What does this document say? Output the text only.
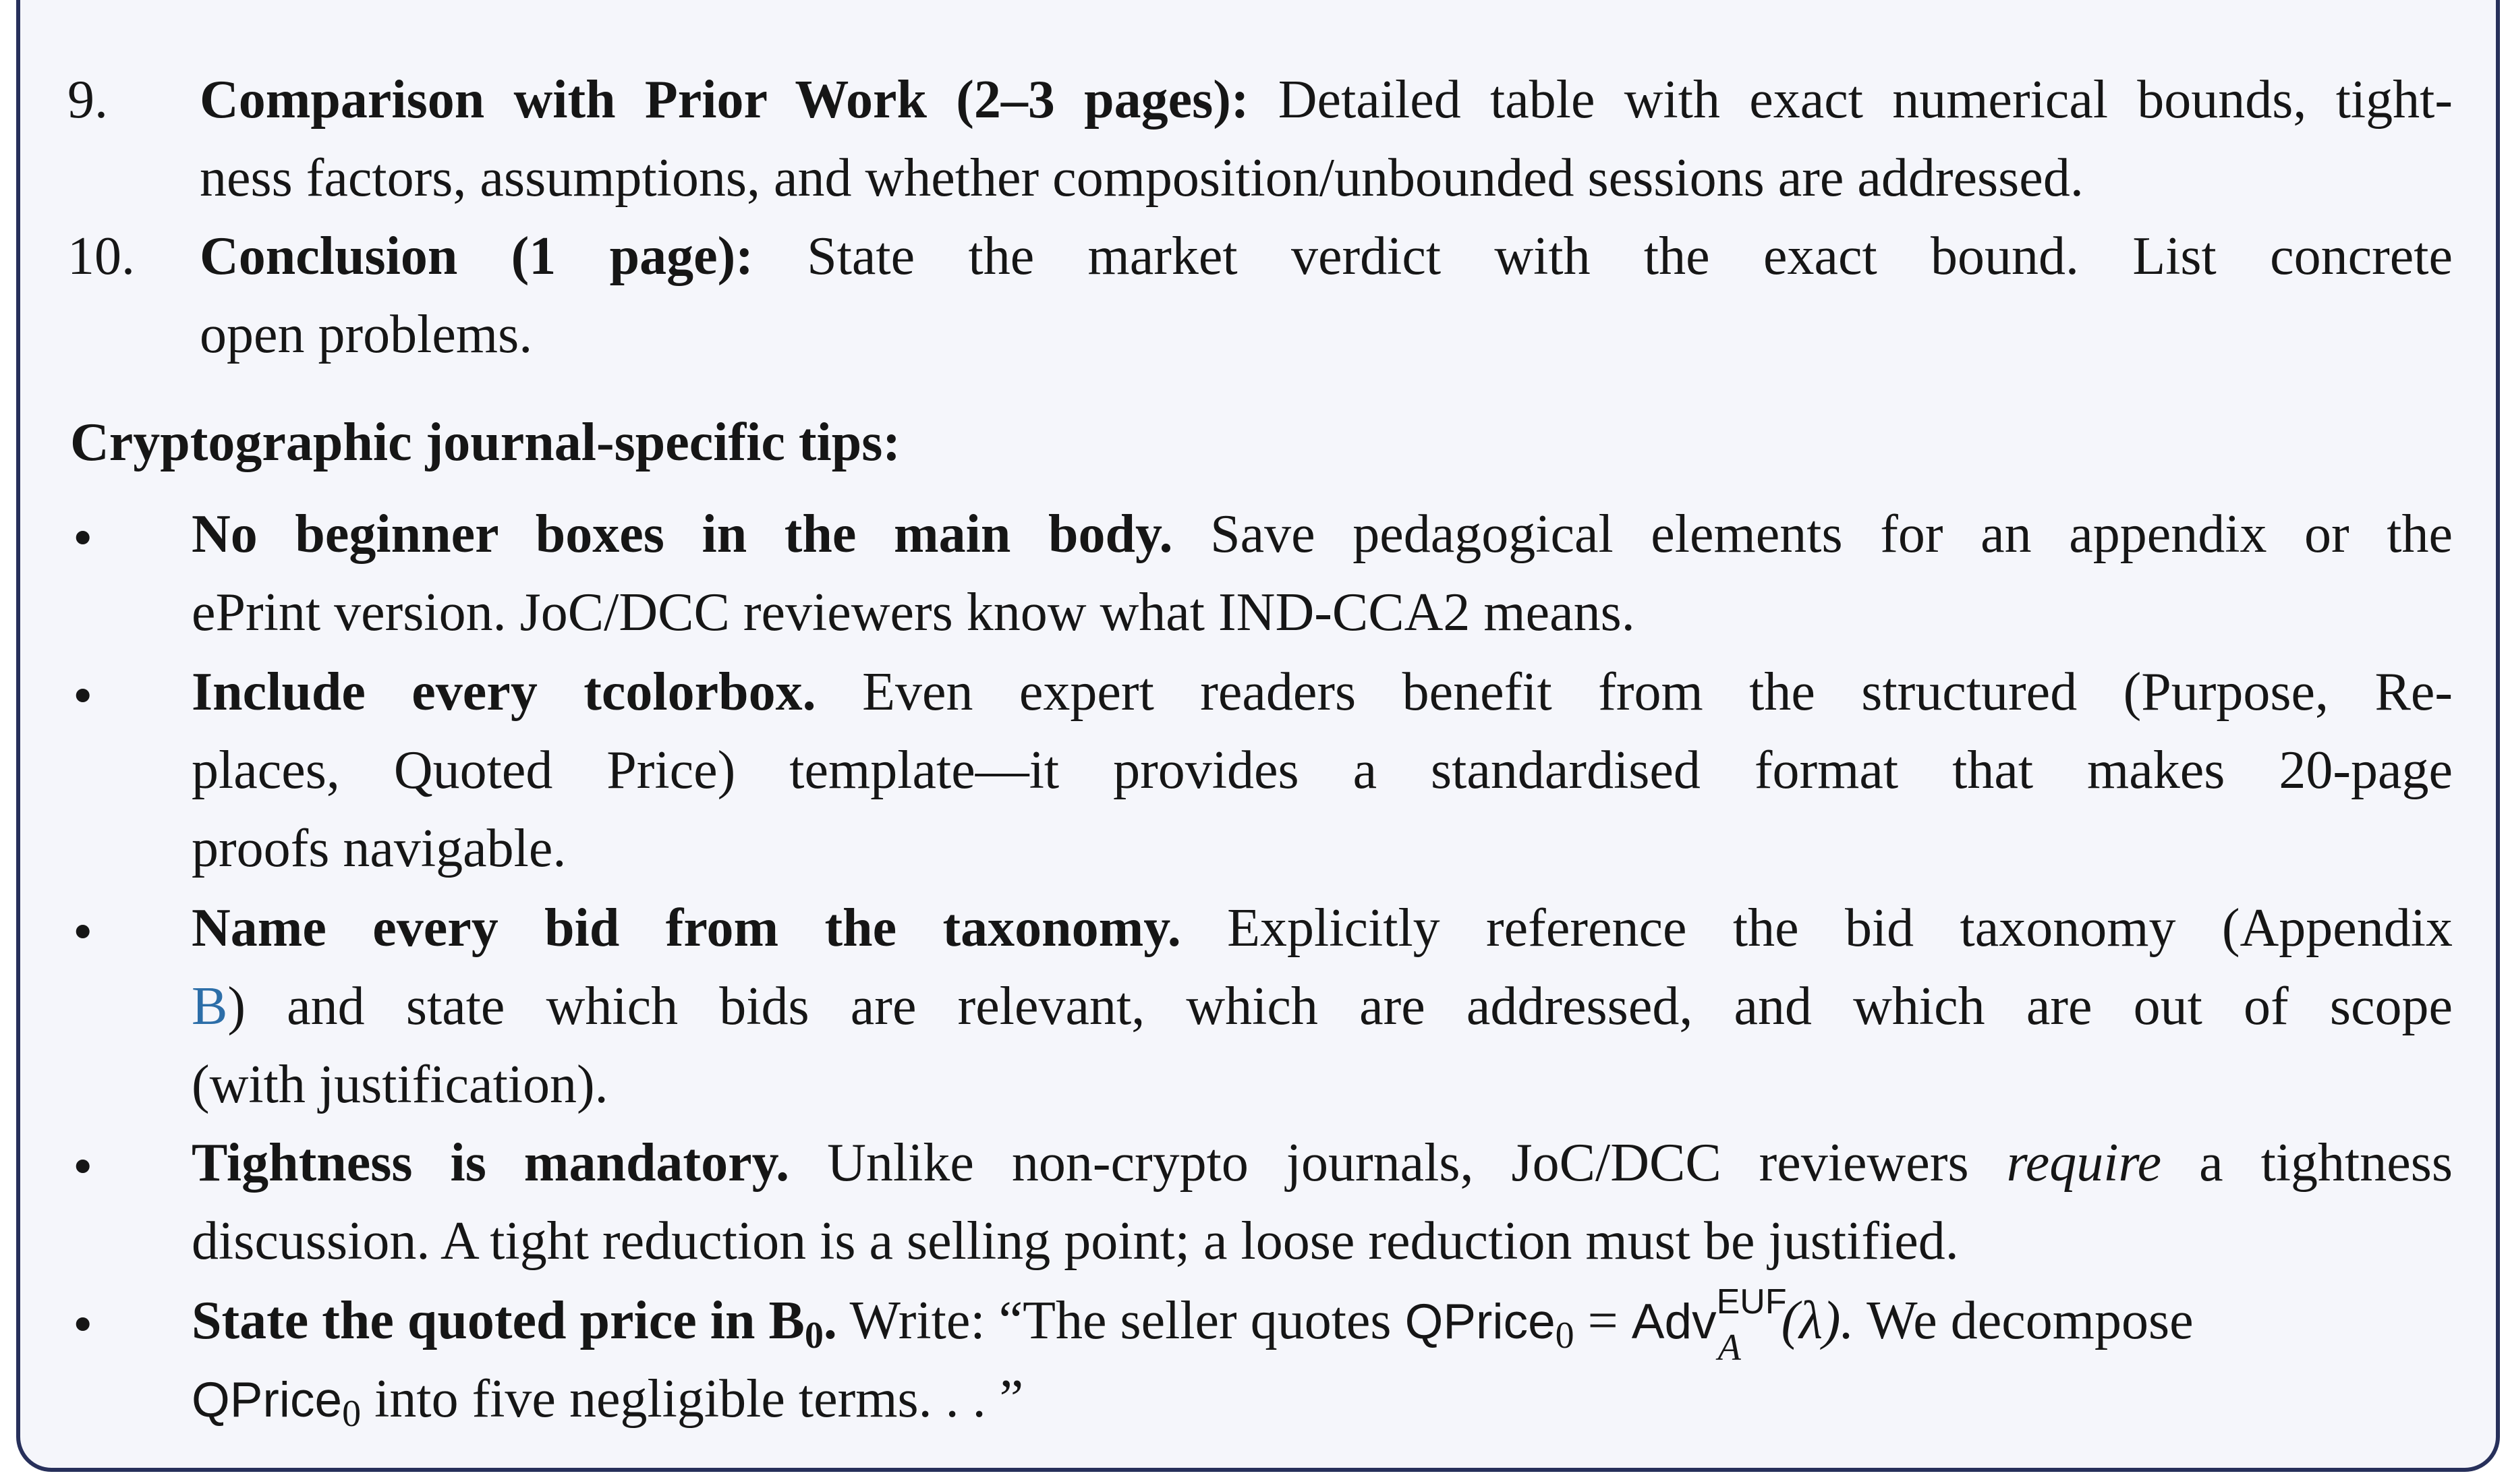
9. Comparison with Prior Work (2–3 pages): Detailed table with exact numerical bounds, tight-
ness factors, assumptions, and whether composition/unbounded sessions are addressed.
10. Conclusion (1 page): State the market verdict with the exact bound. List concrete
open problems.
Cryptographic journal-specific tips:
• No beginner boxes in the main body. Save pedagogical elements for an appendix or the
ePrint version. JoC/DCC reviewers know what IND-CCA2 means.
• Include every tcolorbox. Even expert readers benefit from the structured (Purpose, Re-
places, Quoted Price) template—it provides a standardised format that makes 20-page
proofs navigable.
• Name every bid from the taxonomy. Explicitly reference the bid taxonomy (Appendix
B) and state which bids are relevant, which are addressed, and which are out of scope
(with justification).
• Tightness is mandatory. Unlike non-crypto journals, JoC/DCC reviewers require a tightness
discussion. A tight reduction is a selling point; a loose reduction must be justified.
• State the quoted price in $B_0$. Write: “The seller quotes QPrice$_0$ = Adv EUF
A (λ). We decompose
QPrice$_0$ into five negligible terms. . . ”
